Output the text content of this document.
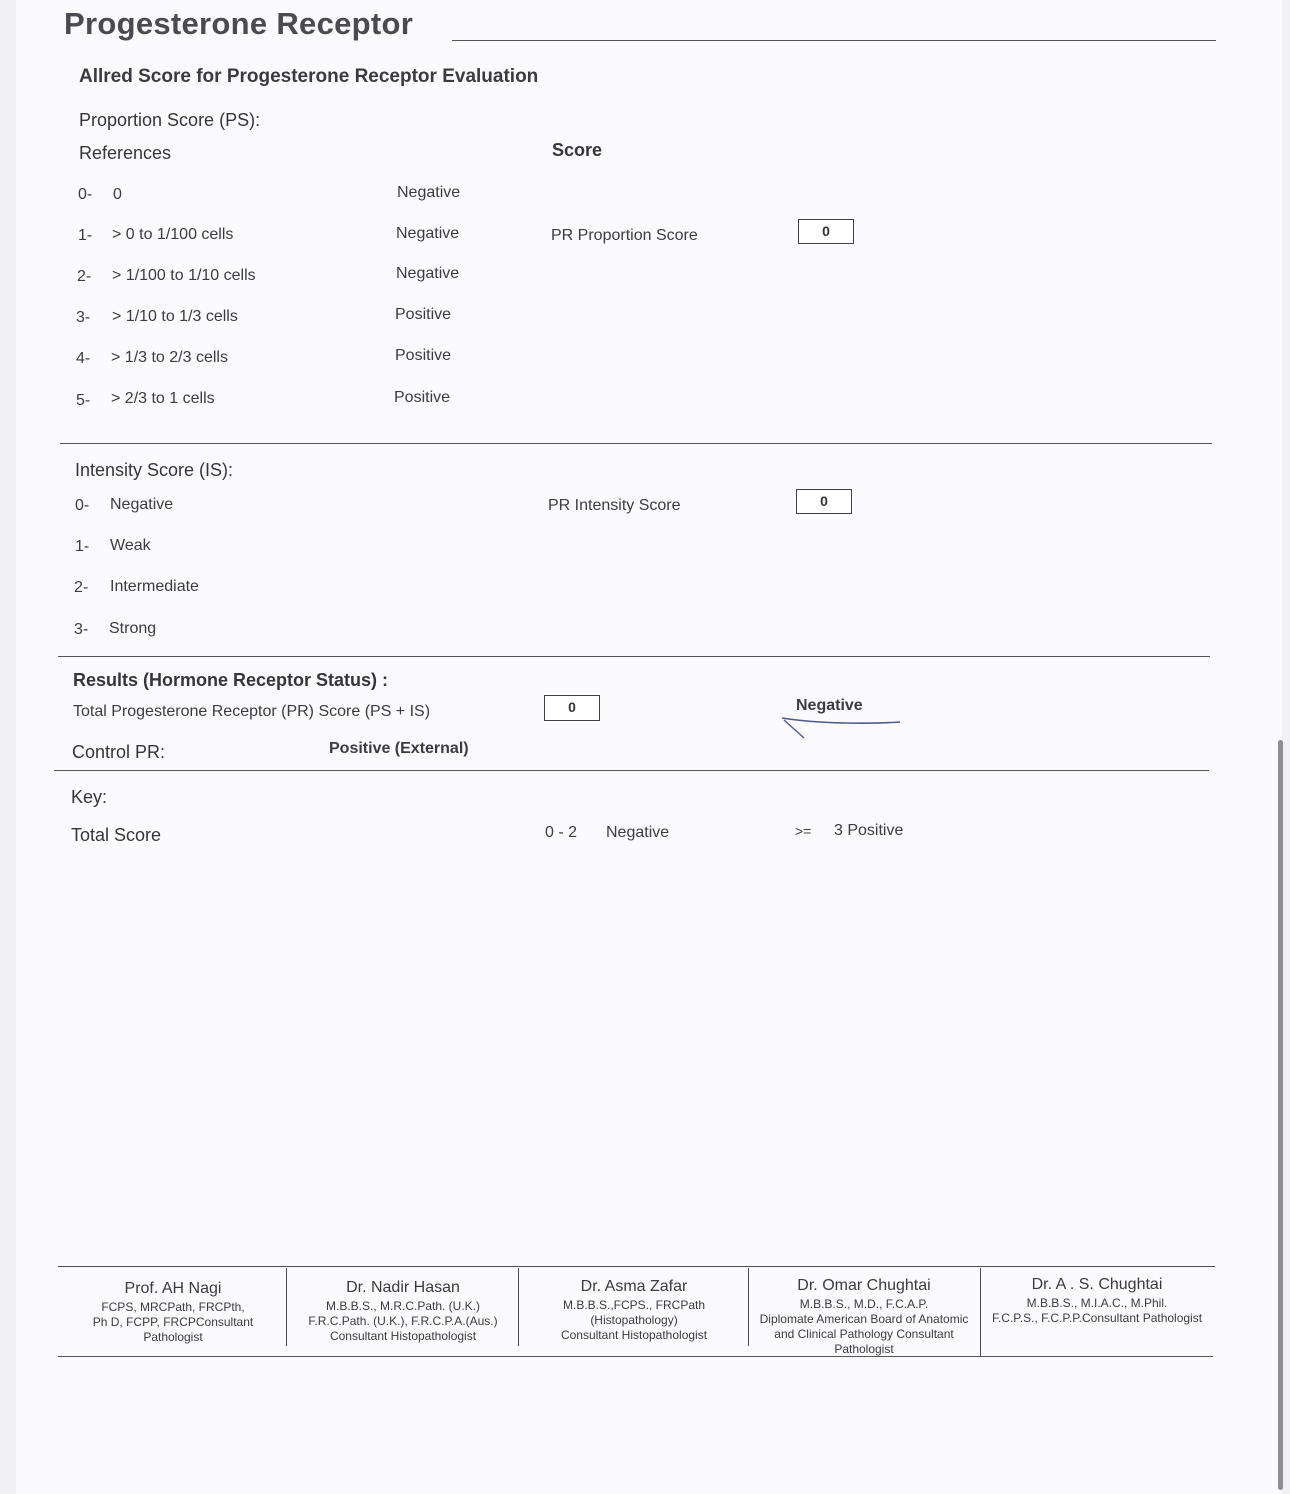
Progesterone Receptor
Allred Score for Progesterone Receptor Evaluation
Proportion Score (PS):
References	Score
0- 0	Negative
1- > 0 to 1/100 cells	Negative
2- > 1/100 to 1/10 cells	Negative
3- > 1/10 to 1/3 cells	Positive
4- > 1/3 to 2/3 cells	Positive
5- > 2/3 to 1 cells	Positive
PR Proportion Score	0
Intensity Score (IS):
0- Negative
1- Weak
2- Intermediate
3- Strong
PR Intensity Score	0
Results (Hormone Receptor Status) :
Total Progesterone Receptor (PR) Score (PS + IS)	0	Negative
Control PR:	Positive (External)
Key:
Total Score	0 - 2 Negative	>= 3 Positive
Prof. AH Nagi
FCPS, MRCPath, FRCPth,
Ph D, FCPP, FRCPConsultant
Pathologist
Dr. Nadir Hasan
M.B.B.S., M.R.C.Path. (U.K.)
F.R.C.Path. (U.K.), F.R.C.P.A.(Aus.)
Consultant Histopathologist
Dr. Asma Zafar
M.B.B.S.,FCPS., FRCPath
(Histopathology)
Consultant Histopathologist
Dr. Omar Chughtai
M.B.B.S., M.D., F.C.A.P.
Diplomate American Board of Anatomic
and Clinical Pathology Consultant
Pathologist
Dr. A . S. Chughtai
M.B.B.S., M.I.A.C., M.Phil.
F.C.P.S., F.C.P.P.Consultant Pathologist
